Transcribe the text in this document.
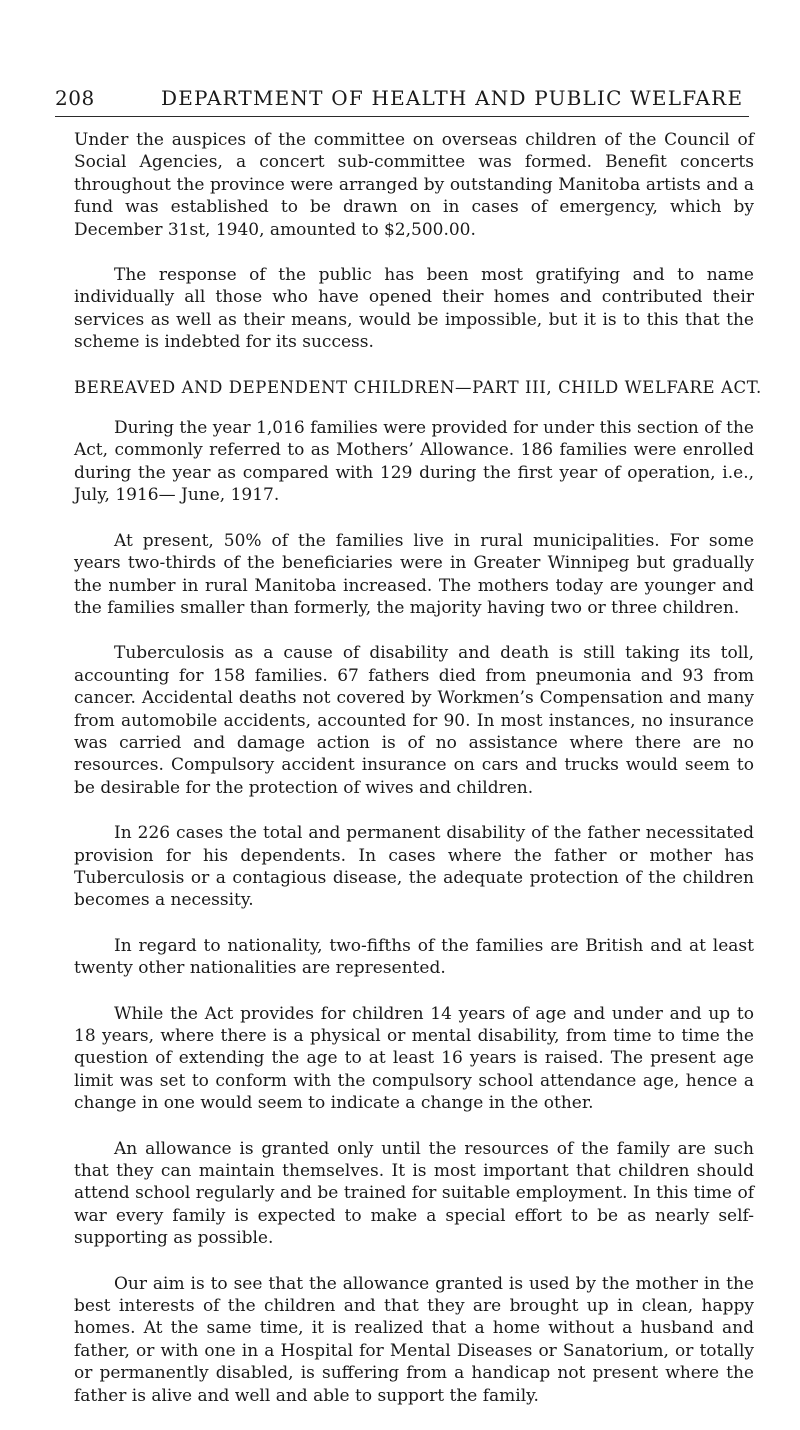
208	DEPARTMENT OF HEALTH AND PUBLIC WELFARE

Under the auspices of the committee on overseas children of the Council of Social Agencies, a concert sub-committee was formed. Benefit concerts throughout the province were arranged by outstanding Manitoba artists and a fund was established to be drawn on in cases of emergency, which by December 31st, 1940, amounted to $2,500.00.

The response of the public has been most gratifying and to name individually all those who have opened their homes and contributed their services as well as their means, would be impossible, but it is to this that the scheme is indebted for its success.

BEREAVED AND DEPENDENT CHILDREN—PART III, CHILD WELFARE ACT.

During the year 1,016 families were provided for under this section of the Act, commonly referred to as Mothers’ Allowance. 186 families were enrolled during the year as compared with 129 during the first year of operation, i.e., July, 1916— June, 1917.

At present, 50% of the families live in rural municipalities. For some years two-thirds of the beneficiaries were in Greater Winnipeg but gradually the number in rural Manitoba increased. The mothers today are younger and the families smaller than formerly, the majority having two or three children.

Tuberculosis as a cause of disability and death is still taking its toll, accounting for 158 families. 67 fathers died from pneumonia and 93 from cancer. Accidental deaths not covered by Workmen’s Compensation and many from automobile accidents, accounted for 90. In most instances, no insurance was carried and damage action is of no assistance where there are no resources. Compulsory accident insurance on cars and trucks would seem to be desirable for the protection of wives and children.

In 226 cases the total and permanent disability of the father necessitated provision for his dependents. In cases where the father or mother has Tuberculosis or a contagious disease, the adequate protection of the children becomes a necessity.

In regard to nationality, two-fifths of the families are British and at least twenty other nationalities are represented.

While the Act provides for children 14 years of age and under and up to 18 years, where there is a physical or mental disability, from time to time the question of extending the age to at least 16 years is raised. The present age limit was set to conform with the compulsory school attendance age, hence a change in one would seem to indicate a change in the other.

An allowance is granted only until the resources of the family are such that they can maintain themselves. It is most important that children should attend school regularly and be trained for suitable employment. In this time of war every family is expected to make a special effort to be as nearly self-supporting as possible.

Our aim is to see that the allowance granted is used by the mother in the best interests of the children and that they are brought up in clean, happy homes. At the same time, it is realized that a home without a husband and father, or with one in a Hospital for Mental Diseases or Sanatorium, or totally or permanently disabled, is suffering from a handicap not present where the father is alive and well and able to support the family.
